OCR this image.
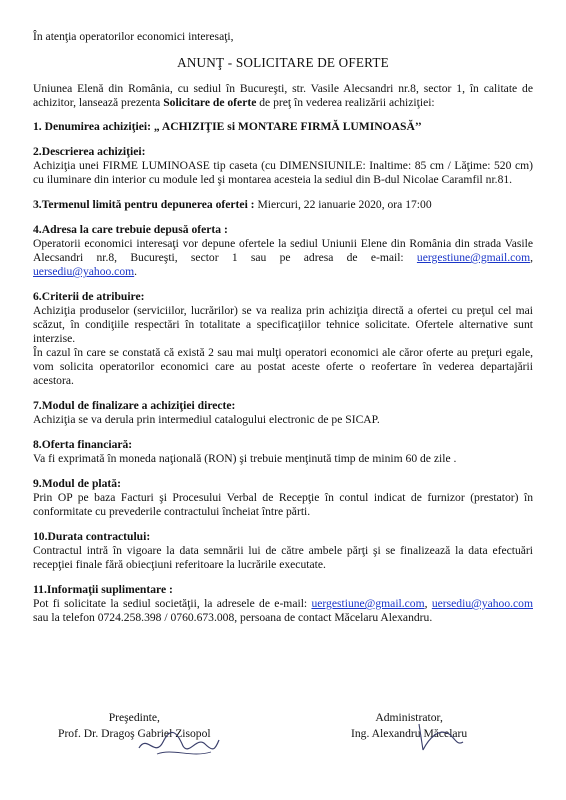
În atenţia operatorilor economici interesaţi,

ANUNŢ - SOLICITARE DE OFERTE

Uniunea Elenă din România, cu sediul în Bucureşti, str. Vasile Alecsandri nr.8, sector 1, în calitate de achizitor, lansează prezenta Solicitare de oferte de preţ în vederea realizării achiziţiei:

1. Denumirea achiziţiei: „ ACHIZIŢIE si MONTARE FIRMĂ LUMINOASĂ’’

2.Descrierea achiziţiei:

Achiziţia unei FIRME LUMINOASE tip caseta (cu DIMENSIUNILE: Inaltime: 85 cm / Lăţime: 520 cm) cu iluminare din interior cu module led şi montarea acesteia la sediul din B-dul Nicolae Caramfil nr.81.

3.Termenul limită pentru depunerea ofertei : Miercuri, 22 ianuarie 2020, ora 17:00

4.Adresa la care trebuie depusă oferta :

Operatorii economici interesaţi vor depune ofertele la sediul Uniunii Elene din România din strada Vasile Alecsandri nr.8, Bucureşti, sector 1 sau pe adresa de e-mail: uergestiune@gmail.com, uersediu@yahoo.com.

6.Criterii de atribuire:

Achiziţia produselor (serviciilor, lucrărilor) se va realiza prin achiziţia directă a ofertei cu preţul cel mai scăzut, în condiţiile respectări în totalitate a specificaţiilor tehnice solicitate. Ofertele alternative sunt interzise.

În cazul în care se constată că există 2 sau mai mulţi operatori economici ale căror oferte au preţuri egale, vom solicita operatorilor economici care au postat aceste oferte o reofertare în vederea departajării acestora.

7.Modul de finalizare a achiziţiei directe:

Achiziţia se va derula prin intermediul catalogului electronic de pe SICAP.

8.Oferta financiară:

Va fi exprimată în moneda naţională (RON) şi trebuie menţinută timp de minim 60 de zile .

9.Modul de plată:

Prin OP pe baza Facturi şi Procesului Verbal de Recepţie în contul indicat de furnizor (prestator) în conformitate cu prevederile contractului încheiat între părti.

10.Durata contractului:

Contractul intră în vigoare la data semnării lui de către ambele părţi şi se finalizează la data efectuări recepţiei finale fără obiecţiuni referitoare la lucrările executate.

11.Informaţii suplimentare :

Pot fi solicitate la sediul societăţii, la adresele de e-mail: uergestiune@gmail.com, uersediu@yahoo.com sau la telefon 0724.258.398 / 0760.673.008, persoana de contact Măcelaru Alexandru.

Preşedinte,
Prof. Dr. Dragoş Gabriel Zisopol
Administrator,
Ing. Alexandru Măcelaru
